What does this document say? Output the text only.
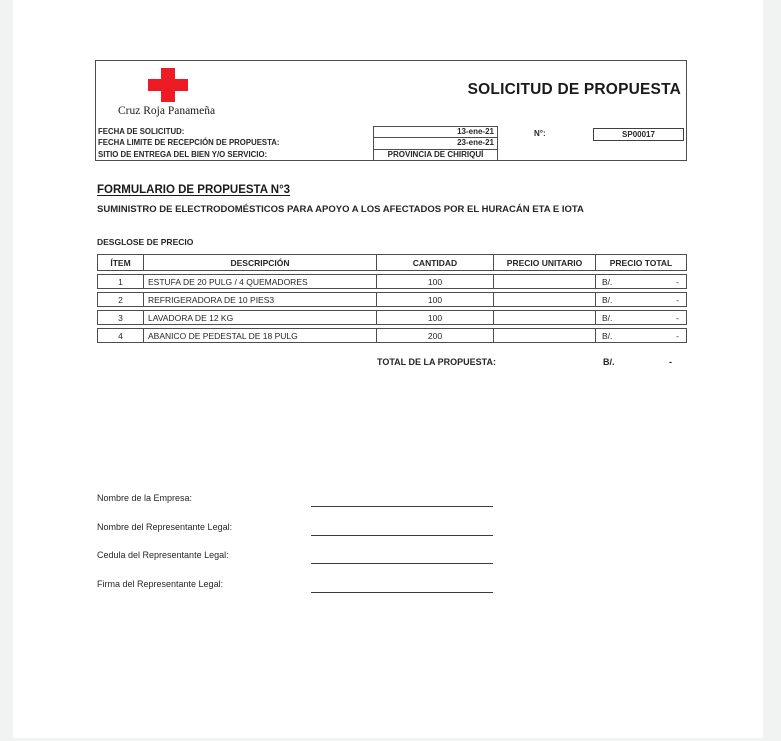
Cruz Roja Panameña
SOLICITUD DE PROPUESTA
FECHA DE SOLICITUD:	13-ene-21
FECHA LIMITE DE RECEPCIÓN DE PROPUESTA:	23-ene-21
SITIO DE ENTREGA DEL BIEN Y/O SERVICIO:	PROVINCIA DE CHIRIQUÍ
N°:	SP00017
FORMULARIO DE PROPUESTA N°3
SUMINISTRO DE ELECTRODOMÉSTICOS PARA APOYO A LOS AFECTADOS POR EL HURACÁN ETA E IOTA
DESGLOSE DE PRECIO
ÍTEM	DESCRIPCIÓN	CANTIDAD	PRECIO UNITARIO	PRECIO TOTAL
1	ESTUFA DE 20 PULG / 4 QUEMADORES	100		B/. -

2	REFRIGERADORA DE 10 PIES3	100		B/. -

3	LAVADORA DE 12 KG	100		B/. -

4	ABANICO DE PEDESTAL DE 18 PULG	200		B/. -
TOTAL DE LA PROPUESTA:	B/.	-
Nombre de la Empresa:
Nombre del Representante Legal:
Cedula del Representante Legal:
Firma del Representante Legal:
